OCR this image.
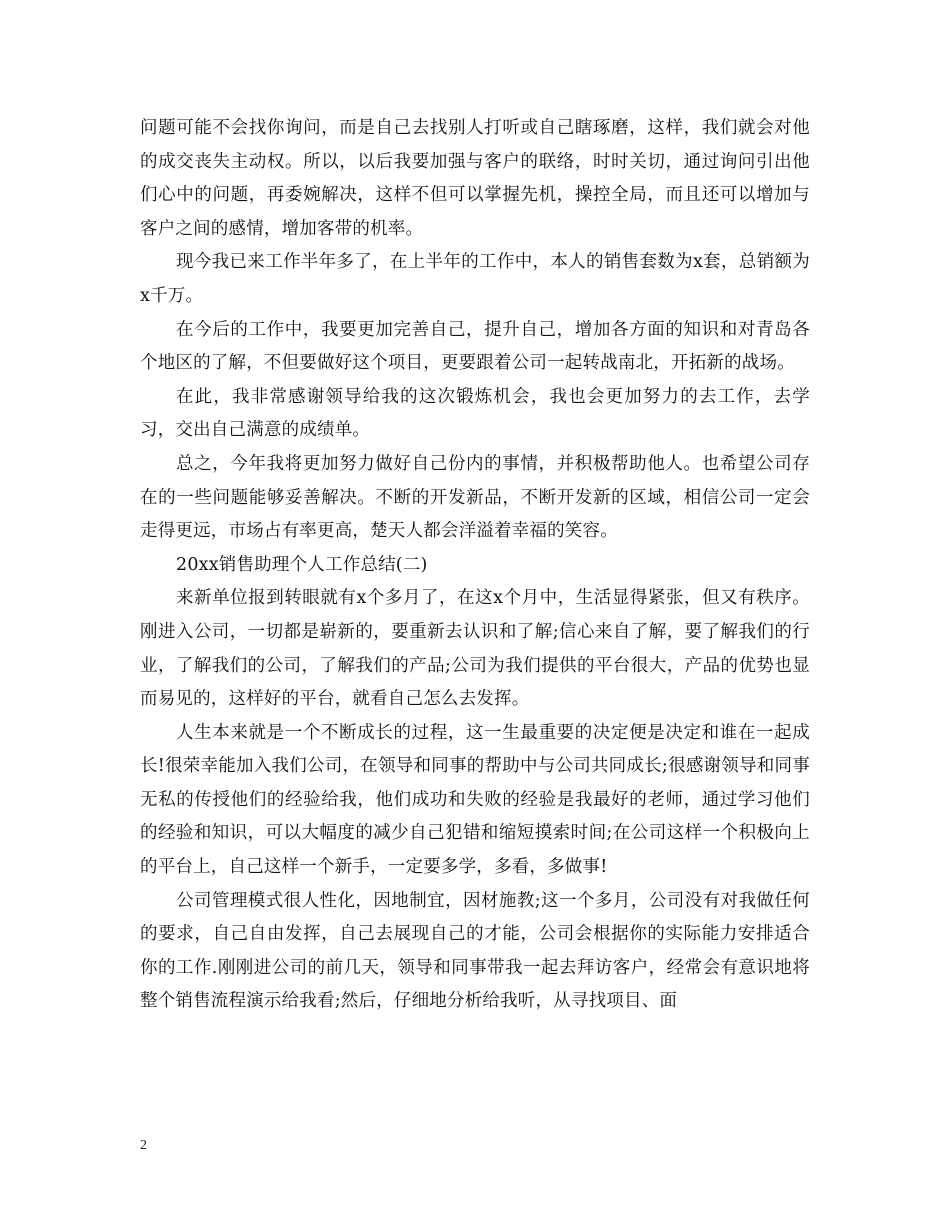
问题可能不会找你询问，而是自己去找别人打听或自己瞎琢磨，这样，我们就会对他的成交丧失主动权。所以，以后我要加强与客户的联络，时时关切，通过询问引出他们心中的问题，再委婉解决，这样不但可以掌握先机，操控全局，而且还可以增加与客户之间的感情，增加客带的机率。

现今我已来工作半年多了，在上半年的工作中，本人的销售套数为x套，总销额为x千万。

在今后的工作中，我要更加完善自己，提升自己，增加各方面的知识和对青岛各个地区的了解，不但要做好这个项目，更要跟着公司一起转战南北，开拓新的战场。

在此，我非常感谢领导给我的这次锻炼机会，我也会更加努力的去工作，去学习，交出自己满意的成绩单。

总之，今年我将更加努力做好自己份内的事情，并积极帮助他人。也希望公司存在的一些问题能够妥善解决。不断的开发新品，不断开发新的区域，相信公司一定会走得更远，市场占有率更高，楚天人都会洋溢着幸福的笑容。

20xx销售助理个人工作总结(二)

来新单位报到转眼就有x个多月了，在这x个月中，生活显得紧张，但又有秩序。刚进入公司，一切都是崭新的，要重新去认识和了解;信心来自了解，要了解我们的行业，了解我们的公司，了解我们的产品;公司为我们提供的平台很大，产品的优势也显而易见的，这样好的平台，就看自己怎么去发挥。

人生本来就是一个不断成长的过程，这一生最重要的决定便是决定和谁在一起成长!很荣幸能加入我们公司，在领导和同事的帮助中与公司共同成长;很感谢领导和同事无私的传授他们的经验给我，他们成功和失败的经验是我最好的老师，通过学习他们的经验和知识，可以大幅度的减少自己犯错和缩短摸索时间;在公司这样一个积极向上的平台上，自己这样一个新手，一定要多学，多看，多做事!

公司管理模式很人性化，因地制宜，因材施教;这一个多月，公司没有对我做任何的要求，自己自由发挥，自己去展现自己的才能，公司会根据你的实际能力安排适合你的工作.刚刚进公司的前几天，领导和同事带我一起去拜访客户，经常会有意识地将整个销售流程演示给我看;然后，仔细地分析给我听，从寻找项目、面

2
